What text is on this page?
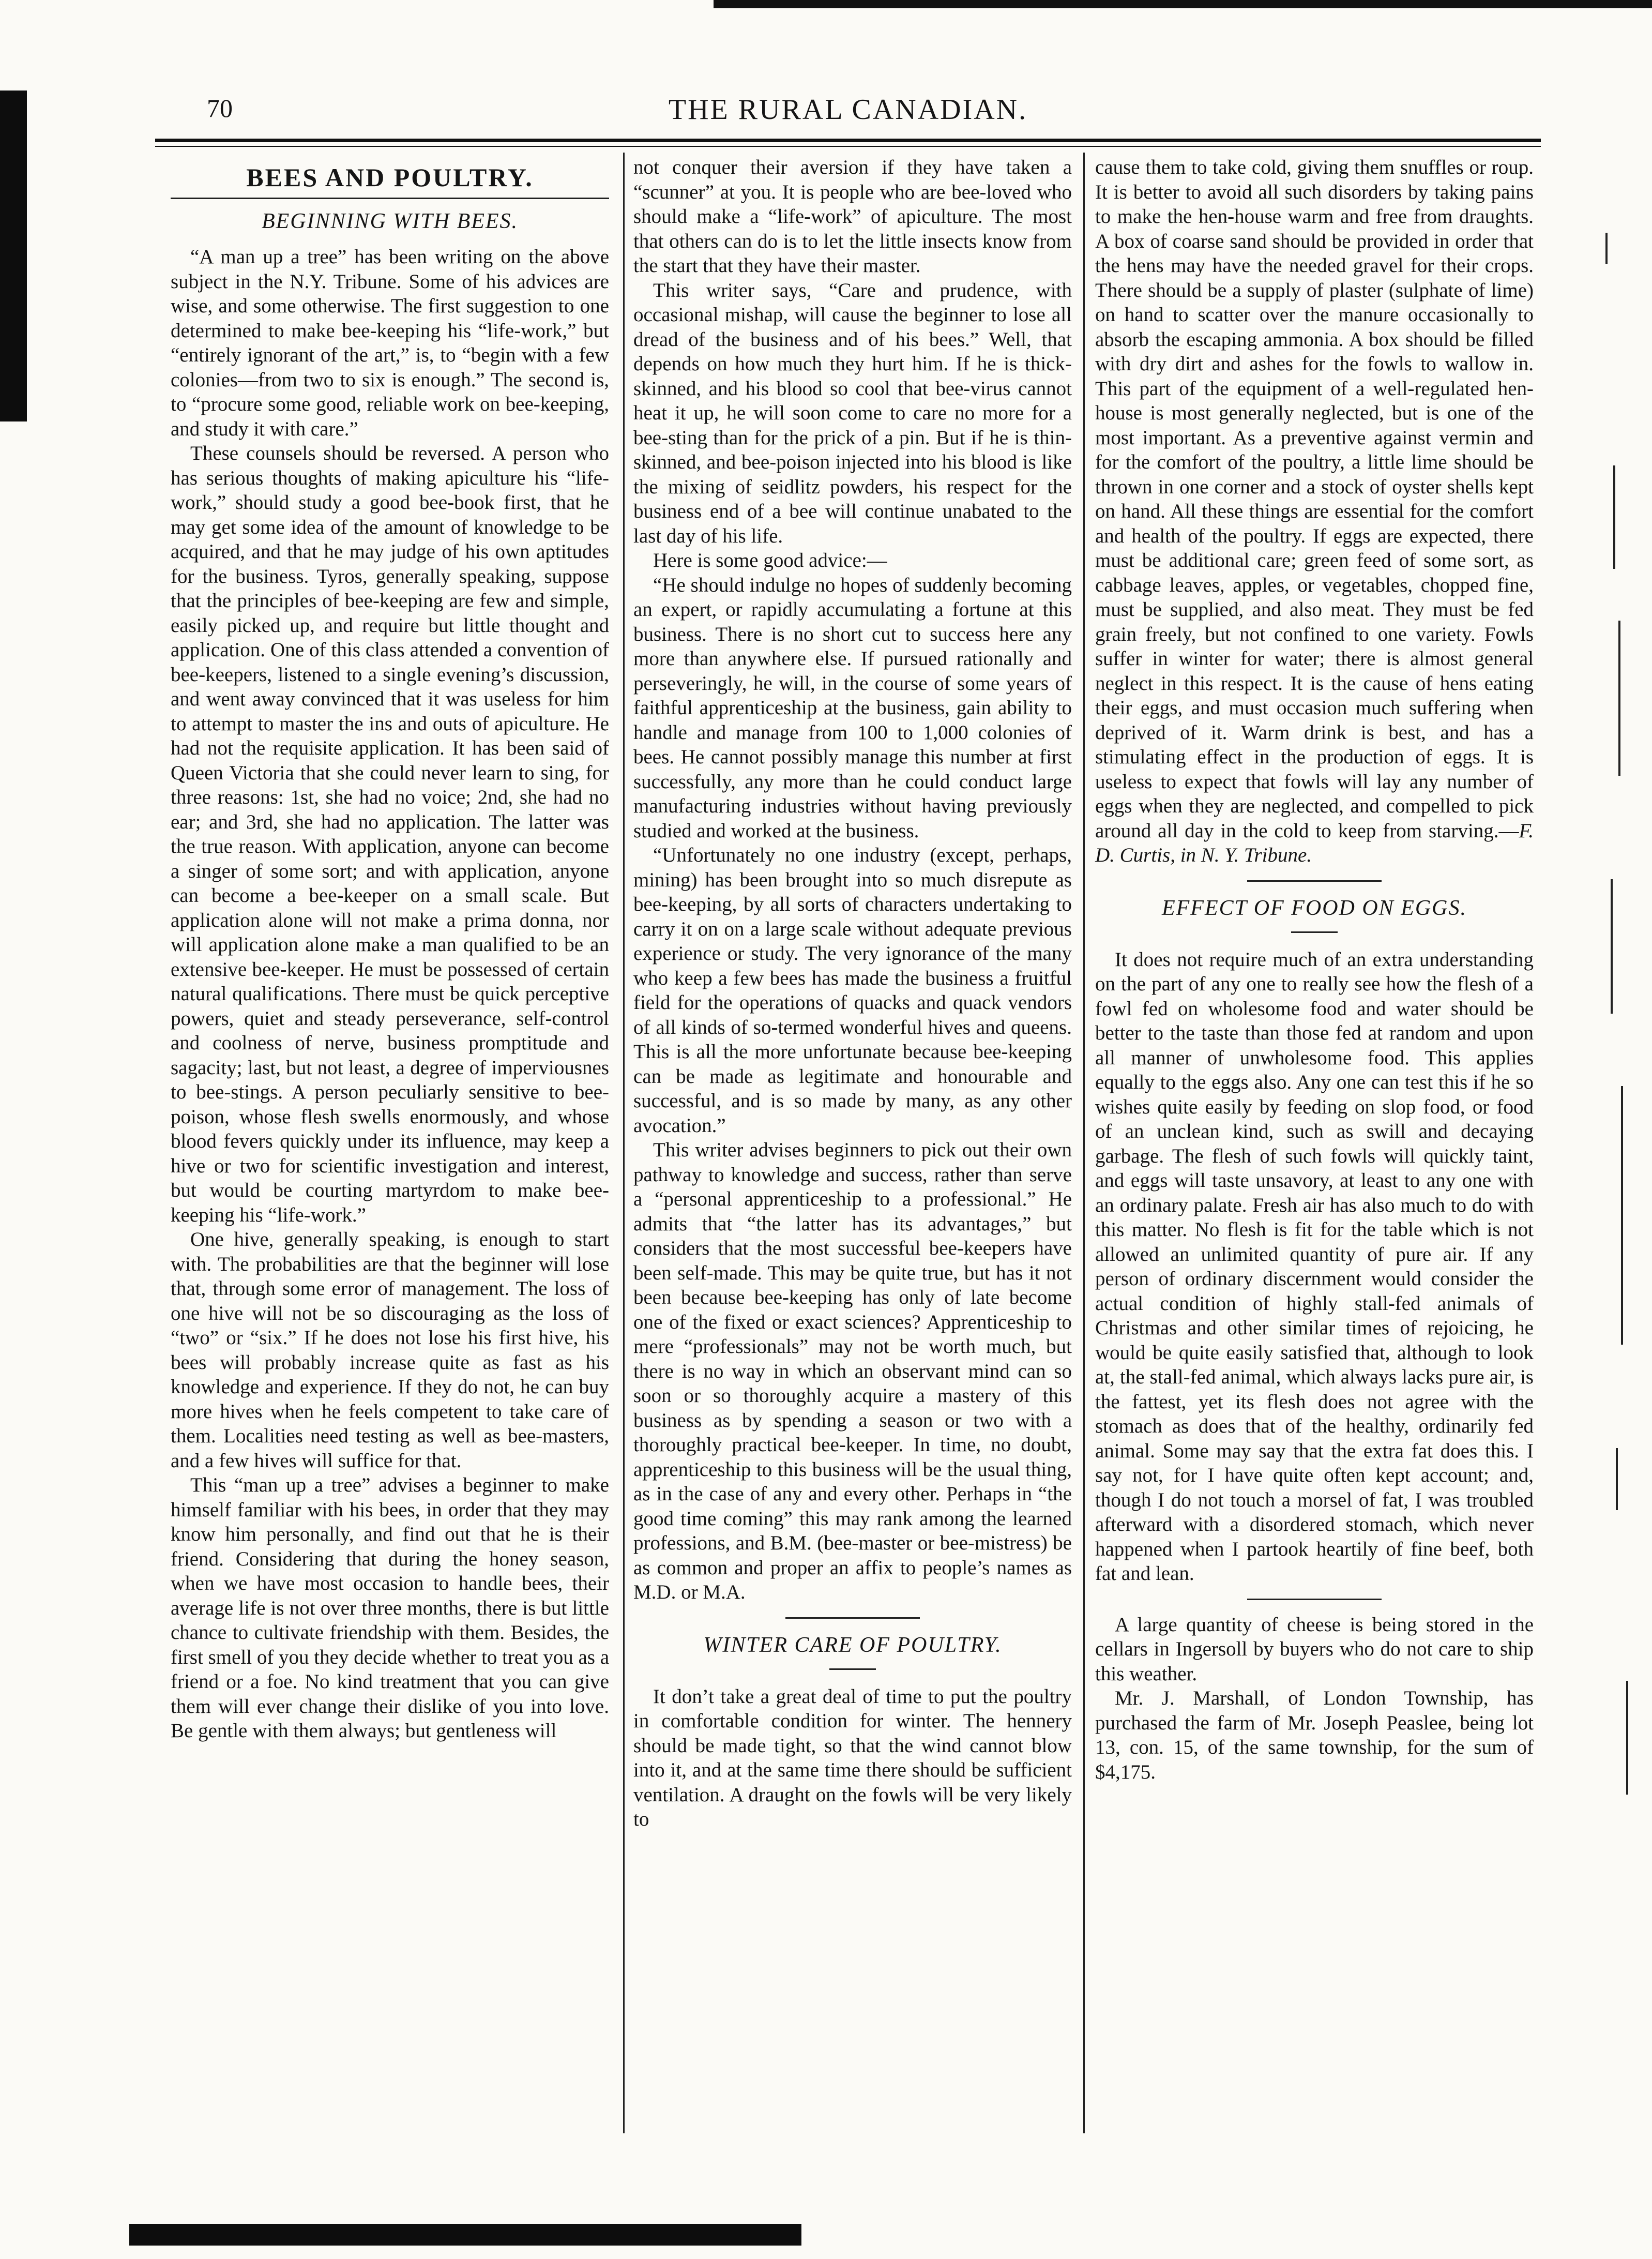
70	THE RURAL CANADIAN.
BEES AND POULTRY.
BEGINNING WITH BEES.

“A man up a tree” has been writing on the above subject in the N.Y. Tribune. Some of his advices are wise, and some otherwise. The first suggestion to one determined to make bee-keeping his “life-work,” but “entirely ignorant of the art,” is, to “begin with a few colonies—from two to six is enough.” The second is, to “procure some good, reliable work on bee-keeping, and study it with care.”

These counsels should be reversed. A person who has serious thoughts of making apiculture his “life-work,” should study a good bee-book first, that he may get some idea of the amount of knowledge to be acquired, and that he may judge of his own aptitudes for the business. Tyros, generally speaking, suppose that the principles of bee-keeping are few and simple, easily picked up, and require but little thought and application. One of this class attended a convention of bee-keepers, listened to a single evening’s discussion, and went away convinced that it was useless for him to attempt to master the ins and outs of apiculture. He had not the requisite application. It has been said of Queen Victoria that she could never learn to sing, for three reasons: 1st, she had no voice; 2nd, she had no ear; and 3rd, she had no application. The latter was the true reason. With application, anyone can become a singer of some sort; and with application, anyone can become a bee-keeper on a small scale. But application alone will not make a prima donna, nor will application alone make a man qualified to be an extensive bee-keeper. He must be possessed of certain natural qualifications. There must be quick perceptive powers, quiet and steady perseverance, self-control and coolness of nerve, business promptitude and sagacity; last, but not least, a degree of imperviousnes to bee-stings. A person peculiarly sensitive to bee-poison, whose flesh swells enormously, and whose blood fevers quickly under its influence, may keep a hive or two for scientific investigation and interest, but would be courting martyrdom to make bee-keeping his “life-work.”

One hive, generally speaking, is enough to start with. The probabilities are that the beginner will lose that, through some error of management. The loss of one hive will not be so discouraging as the loss of “two” or “six.” If he does not lose his first hive, his bees will probably increase quite as fast as his knowledge and experience. If they do not, he can buy more hives when he feels competent to take care of them. Localities need testing as well as bee-masters, and a few hives will suffice for that.

This “man up a tree” advises a beginner to make himself familiar with his bees, in order that they may know him personally, and find out that he is their friend. Considering that during the honey season, when we have most occasion to handle bees, their average life is not over three months, there is but little chance to cultivate friendship with them. Besides, the first smell of you they decide whether to treat you as a friend or a foe. No kind treatment that you can give them will ever change their dislike of you into love. Be gentle with them always; but gentleness will

not conquer their aversion if they have taken a “scunner” at you. It is people who are bee-loved who should make a “life-work” of apiculture. The most that others can do is to let the little insects know from the start that they have their master.

This writer says, “Care and prudence, with occasional mishap, will cause the beginner to lose all dread of the business and of his bees.” Well, that depends on how much they hurt him. If he is thick-skinned, and his blood so cool that bee-virus cannot heat it up, he will soon come to care no more for a bee-sting than for the prick of a pin. But if he is thin-skinned, and bee-poison injected into his blood is like the mixing of seidlitz powders, his respect for the business end of a bee will continue unabated to the last day of his life.

Here is some good advice:—

“He should indulge no hopes of suddenly becoming an expert, or rapidly accumulating a fortune at this business. There is no short cut to success here any more than anywhere else. If pursued rationally and perseveringly, he will, in the course of some years of faithful apprenticeship at the business, gain ability to handle and manage from 100 to 1,000 colonies of bees. He cannot possibly manage this number at first successfully, any more than he could conduct large manufacturing industries without having previously studied and worked at the business.

“Unfortunately no one industry (except, perhaps, mining) has been brought into so much disrepute as bee-keeping, by all sorts of characters undertaking to carry it on on a large scale without adequate previous experience or study. The very ignorance of the many who keep a few bees has made the business a fruitful field for the operations of quacks and quack vendors of all kinds of so-termed wonderful hives and queens. This is all the more unfortunate because bee-keeping can be made as legitimate and honourable and successful, and is so made by many, as any other avocation.”

This writer advises beginners to pick out their own pathway to knowledge and success, rather than serve a “personal apprenticeship to a professional.” He admits that “the latter has its advantages,” but considers that the most successful bee-keepers have been self-made. This may be quite true, but has it not been because bee-keeping has only of late become one of the fixed or exact sciences? Apprenticeship to mere “professionals” may not be worth much, but there is no way in which an observant mind can so soon or so thoroughly acquire a mastery of this business as by spending a season or two with a thoroughly practical bee-keeper. In time, no doubt, apprenticeship to this business will be the usual thing, as in the case of any and every other. Perhaps in “the good time coming” this may rank among the learned professions, and B.M. (bee-master or bee-mistress) be as common and proper an affix to people’s names as M.D. or M.A.

WINTER CARE OF POULTRY.

It don’t take a great deal of time to put the poultry in comfortable condition for winter. The hennery should be made tight, so that the wind cannot blow into it, and at the same time there should be sufficient ventilation. A draught on the fowls will be very likely to

cause them to take cold, giving them snuffles or roup. It is better to avoid all such disorders by taking pains to make the hen-house warm and free from draughts. A box of coarse sand should be provided in order that the hens may have the needed gravel for their crops. There should be a supply of plaster (sulphate of lime) on hand to scatter over the manure occasionally to absorb the escaping ammonia. A box should be filled with dry dirt and ashes for the fowls to wallow in. This part of the equipment of a well-regulated hen-house is most generally neglected, but is one of the most important. As a preventive against vermin and for the comfort of the poultry, a little lime should be thrown in one corner and a stock of oyster shells kept on hand. All these things are essential for the comfort and health of the poultry. If eggs are expected, there must be additional care; green feed of some sort, as cabbage leaves, apples, or vegetables, chopped fine, must be supplied, and also meat. They must be fed grain freely, but not confined to one variety. Fowls suffer in winter for water; there is almost general neglect in this respect. It is the cause of hens eating their eggs, and must occasion much suffering when deprived of it. Warm drink is best, and has a stimulating effect in the production of eggs. It is useless to expect that fowls will lay any number of eggs when they are neglected, and compelled to pick around all day in the cold to keep from starving.—F. D. Curtis, in N. Y. Tribune.

EFFECT OF FOOD ON EGGS.

It does not require much of an extra understanding on the part of any one to really see how the flesh of a fowl fed on wholesome food and water should be better to the taste than those fed at random and upon all manner of unwholesome food. This applies equally to the eggs also. Any one can test this if he so wishes quite easily by feeding on slop food, or food of an unclean kind, such as swill and decaying garbage. The flesh of such fowls will quickly taint, and eggs will taste unsavory, at least to any one with an ordinary palate. Fresh air has also much to do with this matter. No flesh is fit for the table which is not allowed an unlimited quantity of pure air. If any person of ordinary discernment would consider the actual condition of highly stall-fed animals of Christmas and other similar times of rejoicing, he would be quite easily satisfied that, although to look at, the stall-fed animal, which always lacks pure air, is the fattest, yet its flesh does not agree with the stomach as does that of the healthy, ordinarily fed animal. Some may say that the extra fat does this. I say not, for I have quite often kept account; and, though I do not touch a morsel of fat, I was troubled afterward with a disordered stomach, which never happened when I partook heartily of fine beef, both fat and lean.

A large quantity of cheese is being stored in the cellars in Ingersoll by buyers who do not care to ship this weather.

Mr. J. Marshall, of London Township, has purchased the farm of Mr. Joseph Peaslee, being lot 13, con. 15, of the same township, for the sum of $4,175.
